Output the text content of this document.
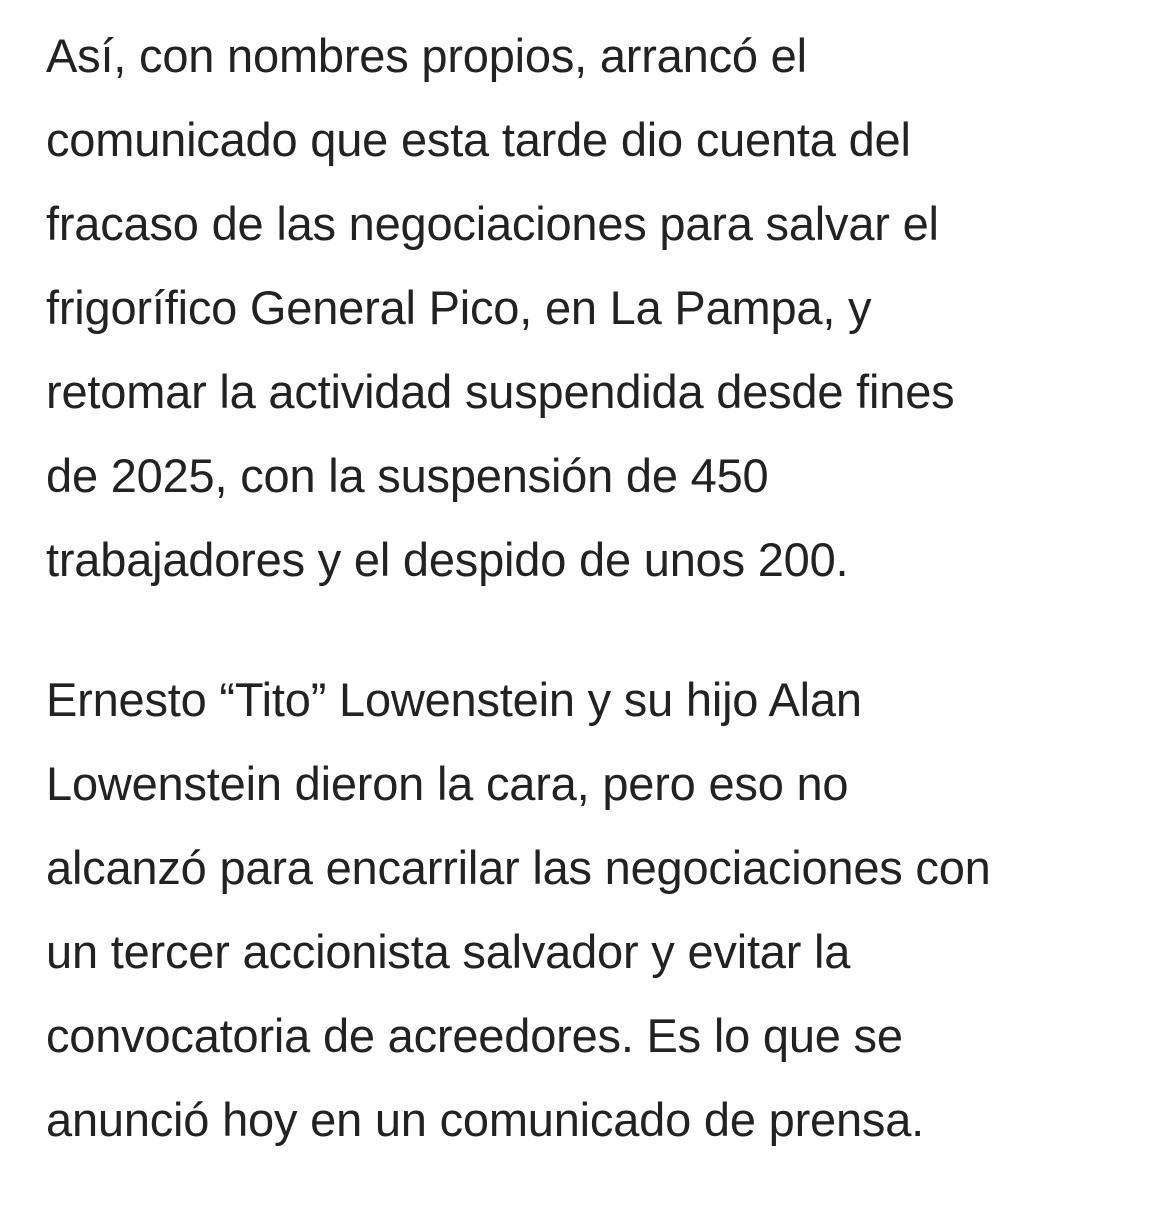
Así, con nombres propios, arrancó el
comunicado que esta tarde dio cuenta del
fracaso de las negociaciones para salvar el
frigorífico General Pico, en La Pampa, y
retomar la actividad suspendida desde fines
de 2025, con la suspensión de 450
trabajadores y el despido de unos 200.

Ernesto “Tito” Lowenstein y su hijo Alan
Lowenstein dieron la cara, pero eso no
alcanzó para encarrilar las negociaciones con
un tercer accionista salvador y evitar la
convocatoria de acreedores. Es lo que se
anunció hoy en un comunicado de prensa.
